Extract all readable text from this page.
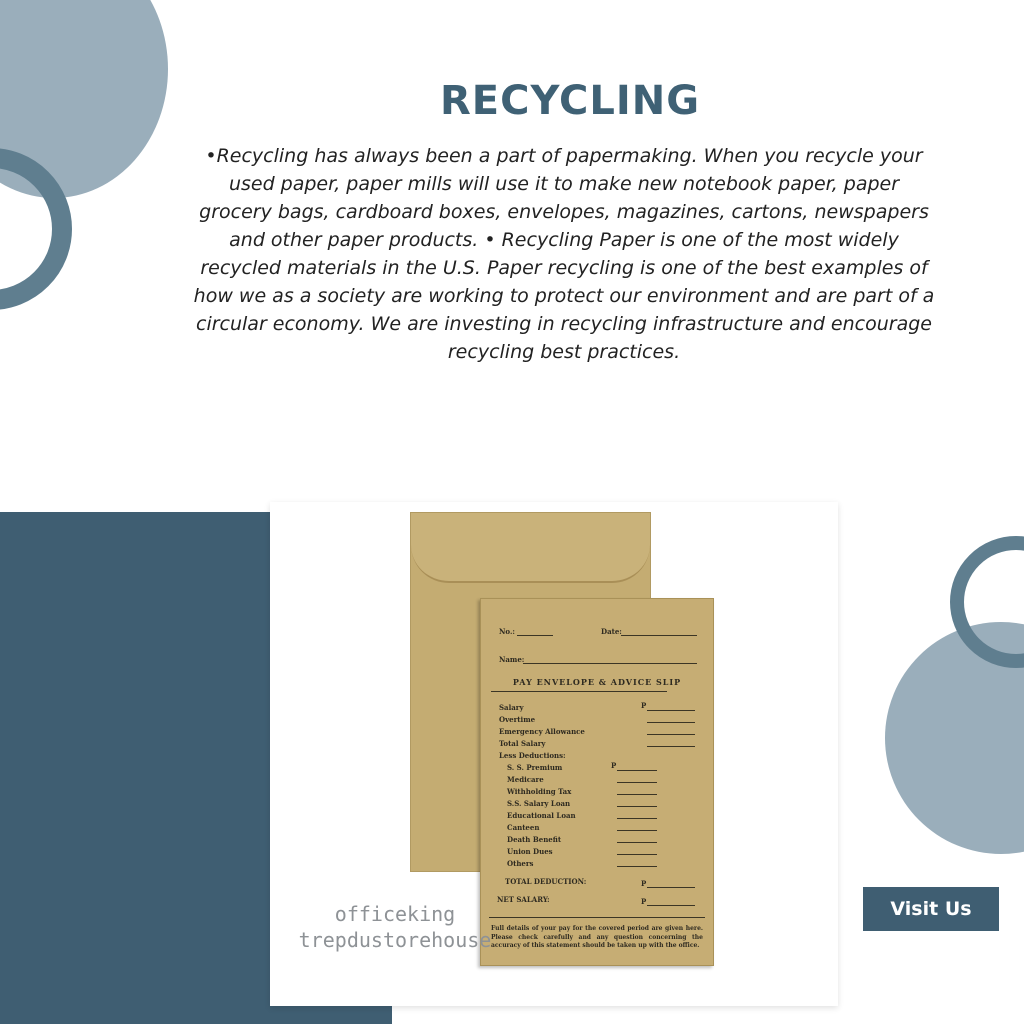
RECYCLING

•Recycling has always been a part of papermaking. When you recycle your used paper, paper mills will use it to make new notebook paper, paper grocery bags, cardboard boxes, envelopes, magazines, cartons, newspapers and other paper products. • Recycling Paper is one of the most widely recycled materials in the U.S. Paper recycling is one of the best examples of how we as a society are working to protect our environment and are part of a circular economy. We are investing in recycling infrastructure and encourage recycling best practices.

No.:	Date:
Name:
PAY ENVELOPE & ADVICE SLIP
Salary	P
Overtime
Emergency Allowance
Total Salary
Less Deductions:
S. S. Premium	P
Medicare
Withholding Tax
S.S. Salary Loan
Educational Loan
Canteen
Death Benefit
Union Dues
Others
TOTAL DEDUCTION:	P
NET SALARY:	P
Full details of your pay for the covered period are given here. Please check carefully and any question concerning the accuracy of this statement should be taken up with the office.
officeking
trepdustorehouse
Visit Us
